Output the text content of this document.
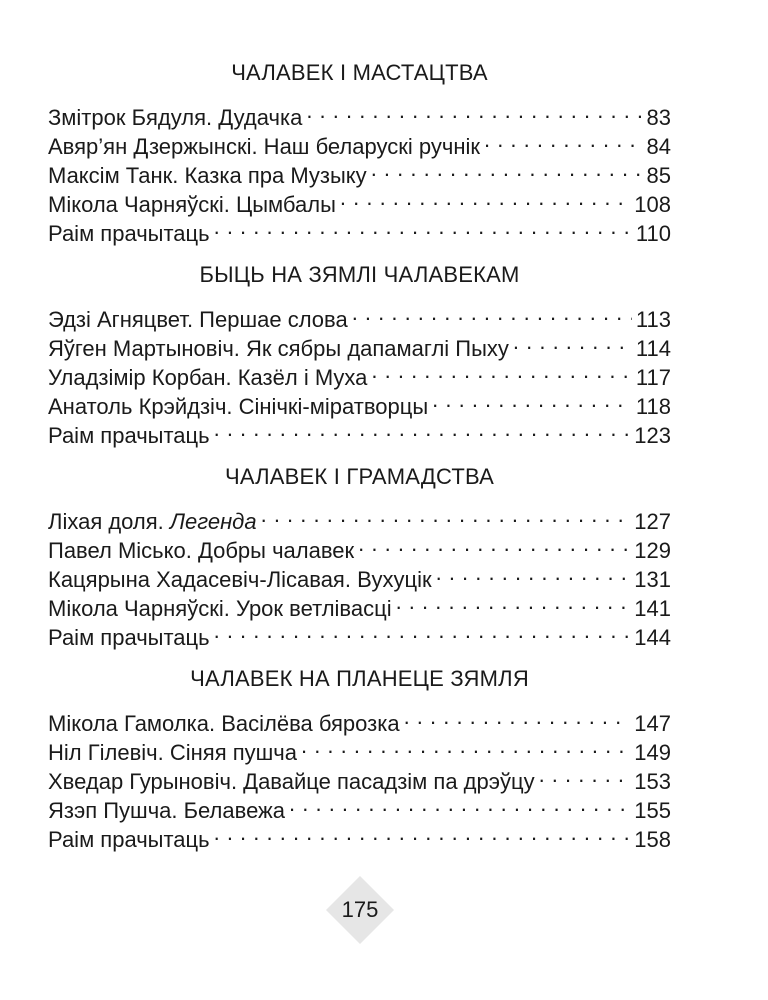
ЧАЛАВЕК І МАСТАЦТВА
Змітрок Бядуля. Дудачка . . .	83
Авяр’ян Дзержынскі. Наш беларускі ручнік . . .	84
Максім Танк. Казка пра Музыку . . .	85
Мікола Чарняўскі. Цымбалы . . .	108
Раім прачытаць . . .	110
БЫЦЬ НА ЗЯМЛІ ЧАЛАВЕКАМ
Эдзі Агняцвет. Першае слова . . .	113
Яўген Мартыновіч. Як сябры дапамаглі Пыху . . .	114
Уладзімір Корбан. Казёл і Муха . . .	117
Анатоль Крэйдзіч. Сінічкі-міратворцы . . .	118
Раім прачытаць . . .	123
ЧАЛАВЕК І ГРАМАДСТВА
Ліхая доля. Легенда . . .	127
Павел Місько. Добры чалавек . . .	129
Кацярына Хадасевіч-Лісавая. Вухуцік . . .	131
Мікола Чарняўскі. Урок ветлівасці . . .	141
Раім прачытаць . . .	144
ЧАЛАВЕК НА ПЛАНЕЦЕ ЗЯМЛЯ
Мікола Гамолка. Васілёва бярозка . . .	147
Ніл Гілевіч. Сіняя пушча . . .	149
Хведар Гурыновіч. Давайце пасадзім па дрэўцу . . .	153
Язэп Пушча. Белавежа . . .	155
Раім прачытаць . . .	158
175
